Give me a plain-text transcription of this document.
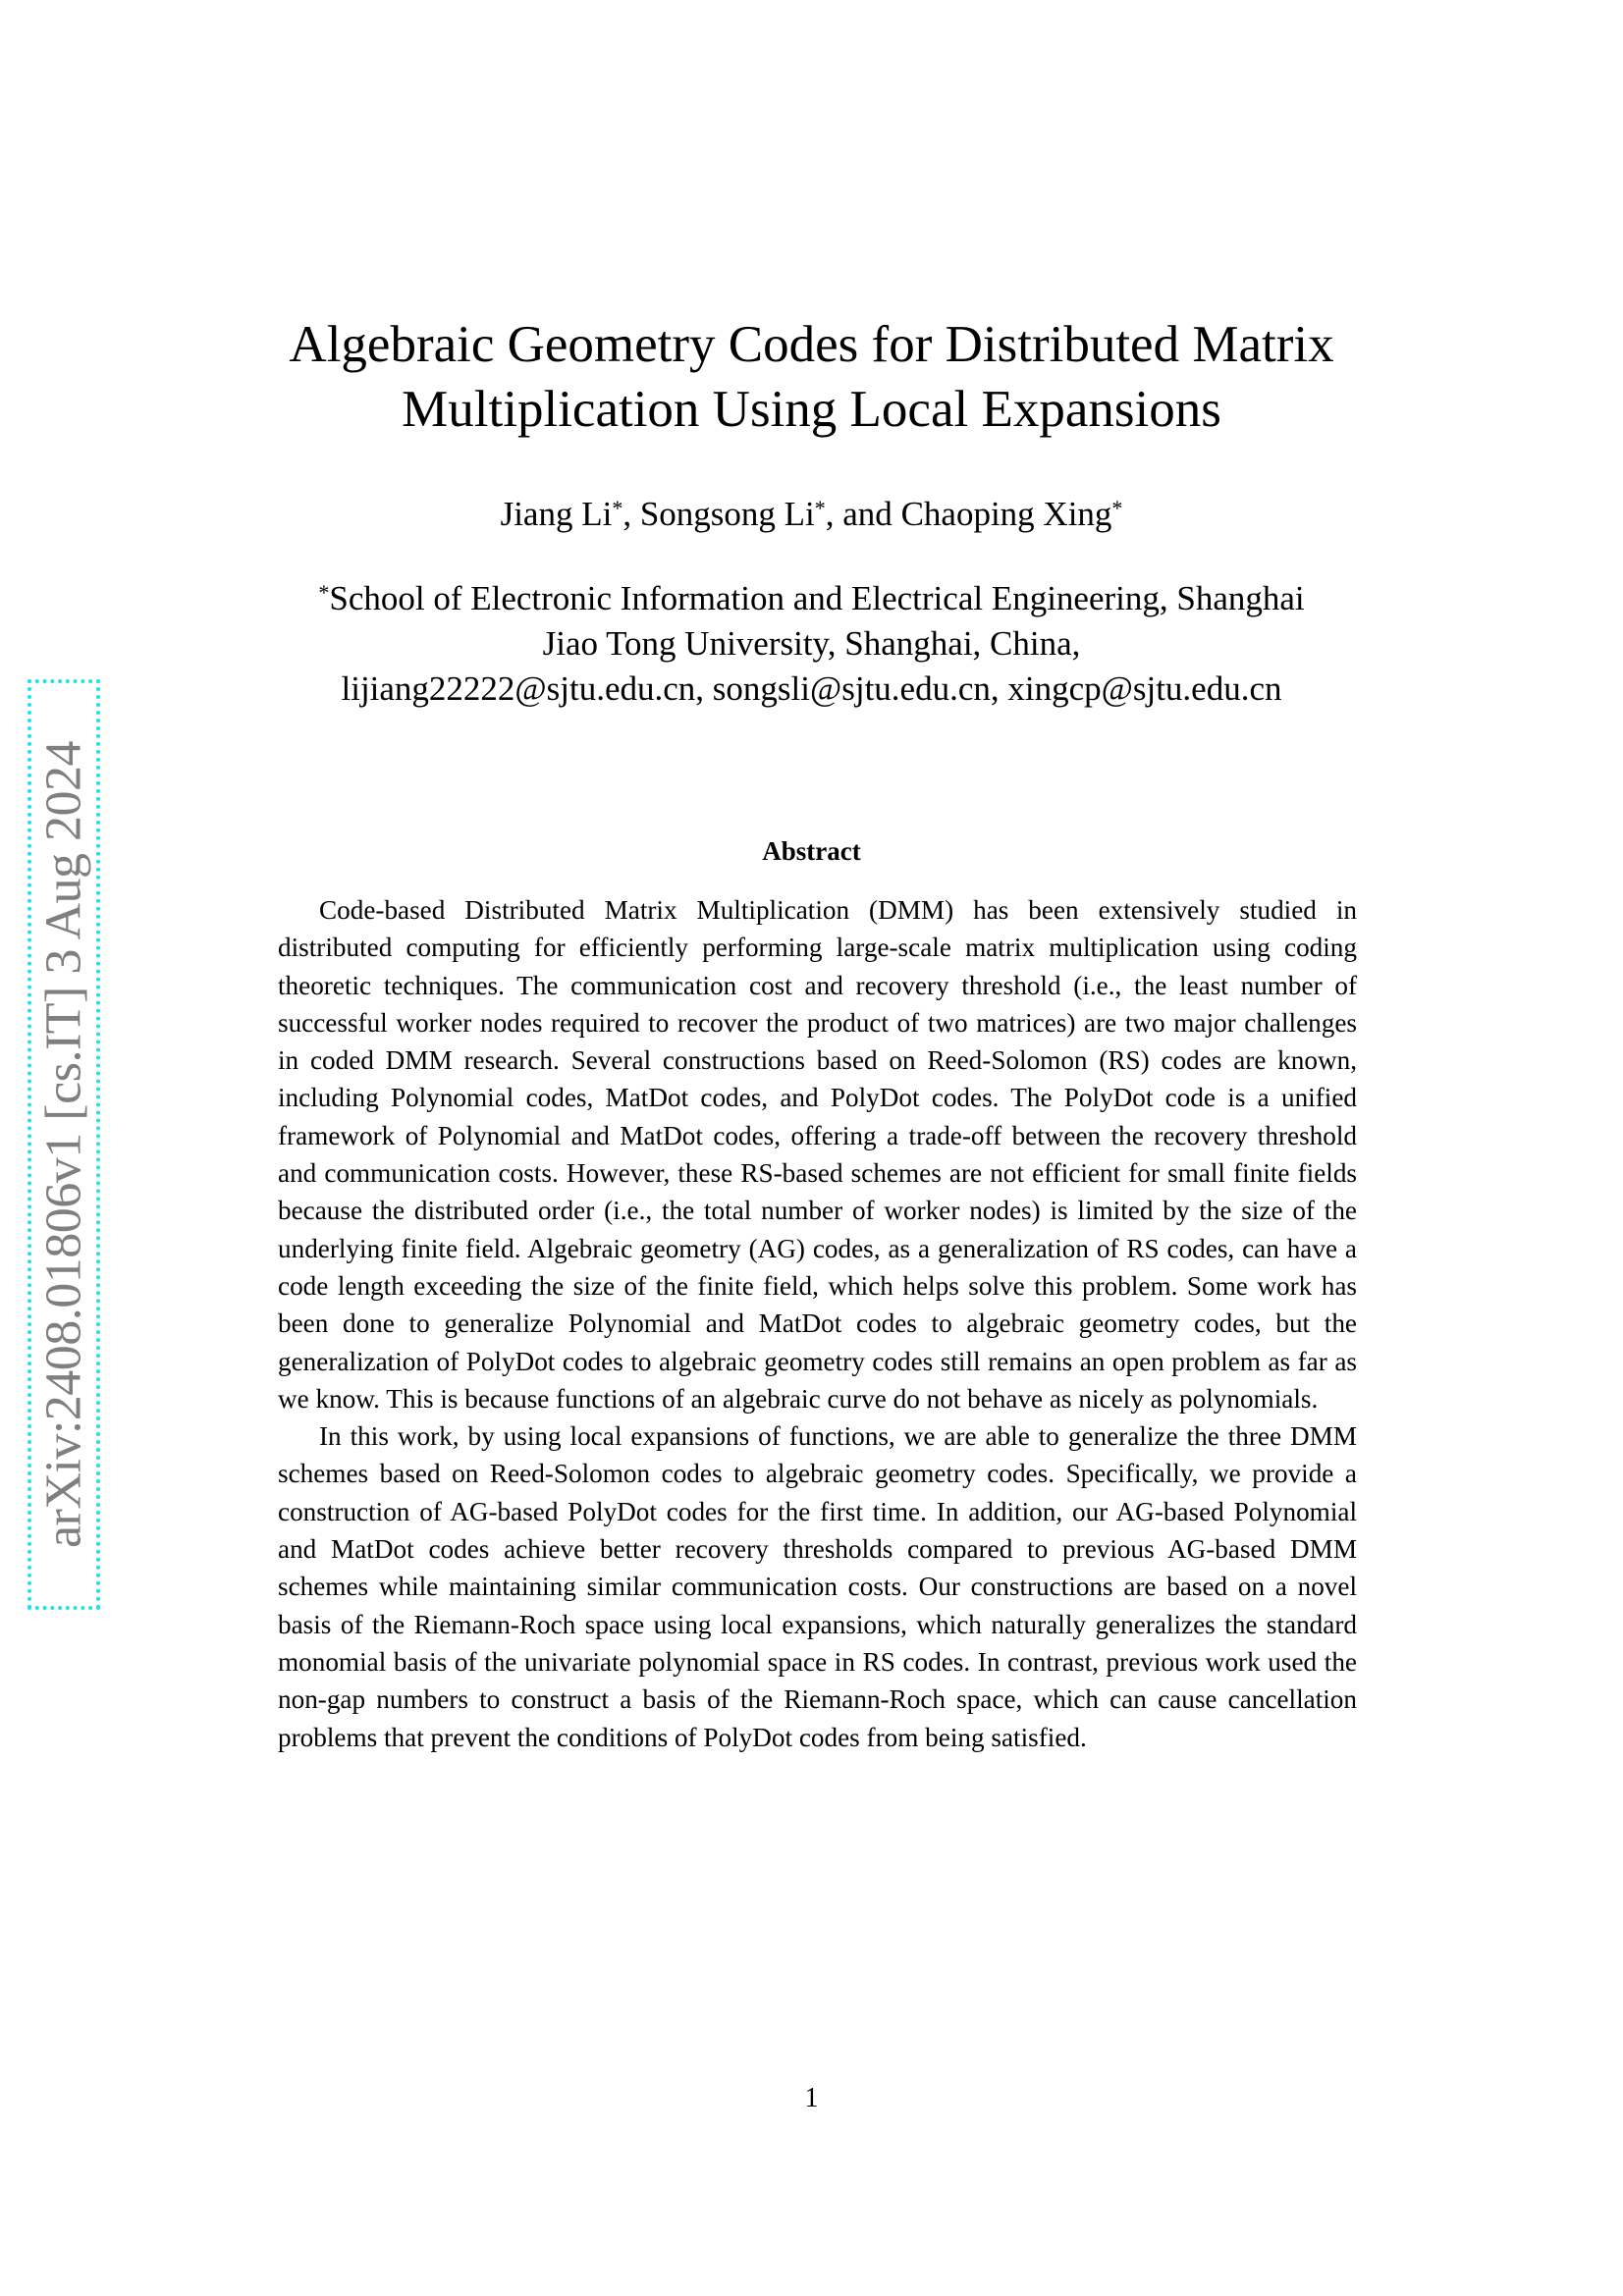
arXiv:2408.01806v1 [cs.IT] 3 Aug 2024
Algebraic Geometry Codes for Distributed Matrix
Multiplication Using Local Expansions
Jiang Li*, Songsong Li*, and Chaoping Xing*
*School of Electronic Information and Electrical Engineering, Shanghai
Jiao Tong University, Shanghai, China,
lijiang22222@sjtu.edu.cn, songsli@sjtu.edu.cn, xingcp@sjtu.edu.cn
Abstract

Code-based Distributed Matrix Multiplication (DMM) has been extensively studied in distributed computing for efficiently performing large-scale matrix multiplication using coding theoretic techniques. The communication cost and recovery threshold (i.e., the least number of successful worker nodes required to recover the product of two matrices) are two major challenges in coded DMM research. Several constructions based on Reed-Solomon (RS) codes are known, including Polynomial codes, MatDot codes, and PolyDot codes. The PolyDot code is a unified framework of Polynomial and MatDot codes, offering a trade-off between the recovery threshold and communication costs. However, these RS-based schemes are not efficient for small finite fields because the distributed order (i.e., the total number of worker nodes) is limited by the size of the underlying finite field. Algebraic geometry (AG) codes, as a generalization of RS codes, can have a code length exceeding the size of the finite field, which helps solve this problem. Some work has been done to generalize Polynomial and MatDot codes to algebraic geometry codes, but the generalization of PolyDot codes to algebraic geometry codes still remains an open problem as far as we know. This is because functions of an algebraic curve do not behave as nicely as polynomials.

In this work, by using local expansions of functions, we are able to generalize the three DMM schemes based on Reed-Solomon codes to algebraic geometry codes. Specifically, we provide a construction of AG-based PolyDot codes for the first time. In addition, our AG-based Polynomial and MatDot codes achieve better recovery thresholds compared to previous AG-based DMM schemes while maintaining similar communication costs. Our constructions are based on a novel basis of the Riemann-Roch space using local expansions, which naturally generalizes the standard monomial basis of the univariate polynomial space in RS codes. In contrast, previous work used the non-gap numbers to construct a basis of the Riemann-Roch space, which can cause cancellation problems that prevent the conditions of PolyDot codes from being satisfied.

1
